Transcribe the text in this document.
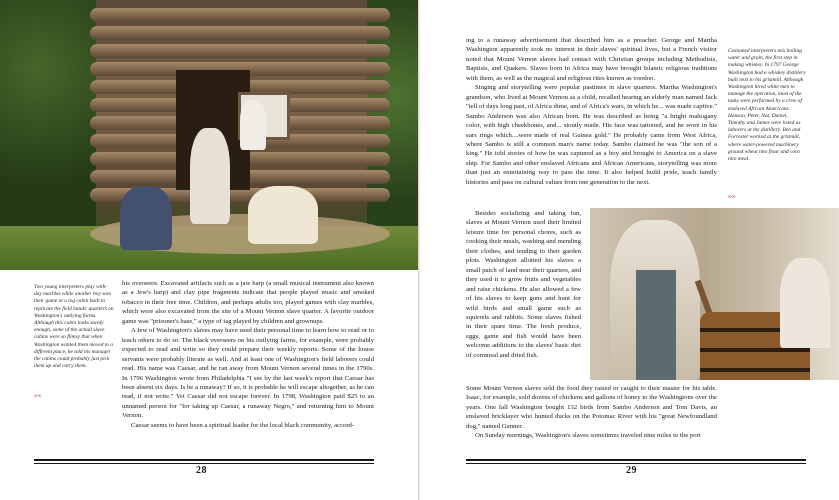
Two young interpreters play with-day marbles while another boy sees their game at a log cabin built to replicate the field hands' quarters on Washington's outlying farms. Although this cabin looks sturdy enough, some of the actual slave cabins were so flimsy that when Washington wanted them moved to a different place, he told his manager the cabins could probably just pick them up and carry them.

∞∞

his overseers. Excavated artifacts such as a jaw harp (a small musical instrument also known as a Jew's harp) and clay pipe fragments indicate that people played music and smoked tobacco in their free time. Children, and perhaps adults too, played games with clay marbles, which were also excavated from the site of a Mount Vernon slave quarter. A favorite outdoor game was "prisoner's base," a type of tag played by children and grownups.

A few of Washington's slaves may have used their personal time to learn how to read or to teach others to do so. The black overseers on his outlying farms, for example, were probably expected to read and write so they could prepare their weekly reports. Some of the house servants were probably literate as well. And at least one of Washington's field laborers could read. His name was Caesar, and he ran away from Mount Vernon several times in the 1790s. In 1796 Washington wrote from Philadelphia "I see by the last week's report that Caesar has been absent six days. Is he a runaway? If so, it is probable he will escape altogether, as he can read, if not write." Yet Caesar did not escape forever. In 1798, Washington paid $25 to an unnamed person for "for taking up Caesar, a runaway Negro," and returning him to Mount Vernon.

Caesar seems to have been a spiritual leader for the local black community, accord-

28

ing to a runaway advertisement that described him as a preacher. George and Martha Washington apparently took no interest in their slaves' spiritual lives, but a French visitor noted that Mount Vernon slaves had contact with Christian groups including Methodists, Baptists, and Quakers. Slaves born in Africa may have brought Islamic religious traditions with them, as well as the magical and religious rites known as voodoo.

Singing and storytelling were popular pastimes in slave quarters. Martha Washington's grandson, who lived at Mount Vernon as a child, recalled hearing an elderly man named Jack "tell of days long past, of Africa dime, and of Africa's wars, in which he... was made captive." Sambo Anderson was also African born. He was described as being "a bright mahogany color, with high cheekbones, and... stoutly made. His face was tattooed, and he wore in his ears rings which....were made of real Guinea gold." He probably came from West Africa, where Sambo is still a common man's name today. Sambo claimed he was "the son of a king." He told stories of how he was captured as a boy and brought to America on a slave ship. For Sambo and other enslaved Africans and African Americans, storytelling was more than just an entertaining way to pass the time. It also helped build pride, teach family histories and pass on cultural values from one generation to the next.

Besides socializing and taking fun, slaves at Mount Vernon used their limited leisure time for personal chores, such as cooking their meals, washing and mending their clothes, and tending to their garden plots. Washington allotted his slaves a small patch of land near their quarters, and they used it to grow fruits and vegetables and raise chickens. He also allowed a few of his slaves to keep guns and hunt for wild birds and small game such as squirrels and rabbits. Some slaves fished in their spare time. The fresh produce, eggs, game and fish would have been welcome additions to the slaves' basic diet of cornmeal and dried fish.

Some Mount Vernon slaves sold the food they raised or caught to their master for his table. Isaac, for example, sold dozens of chickens and gallons of honey to the Washingtons over the years. One fall Washington bought 132 birds from Sambo Anderson and Tom Davis, an enslaved bricklayer who hunted ducks on the Potomac River with his "great Newfoundland dog," named Gunner.

On Sunday mornings, Washington's slaves sometimes traveled nine miles to the port

Costumed interpreters mix boiling water and grain, the first step in making whiskey. In 1797 George Washington had a whiskey distillery built next to his gristmill. Although Washington hired white men to manage the operation, most of the tasks were performed by a crew of enslaved African Americans. Hanson, Peter, Nat, Daniel, Timothy and James were listed as laborers at the distillery. Ben and Forrester worked at the gristmill, where water-powered machinery ground wheat into flour and corn into meal.

∞∞
29
